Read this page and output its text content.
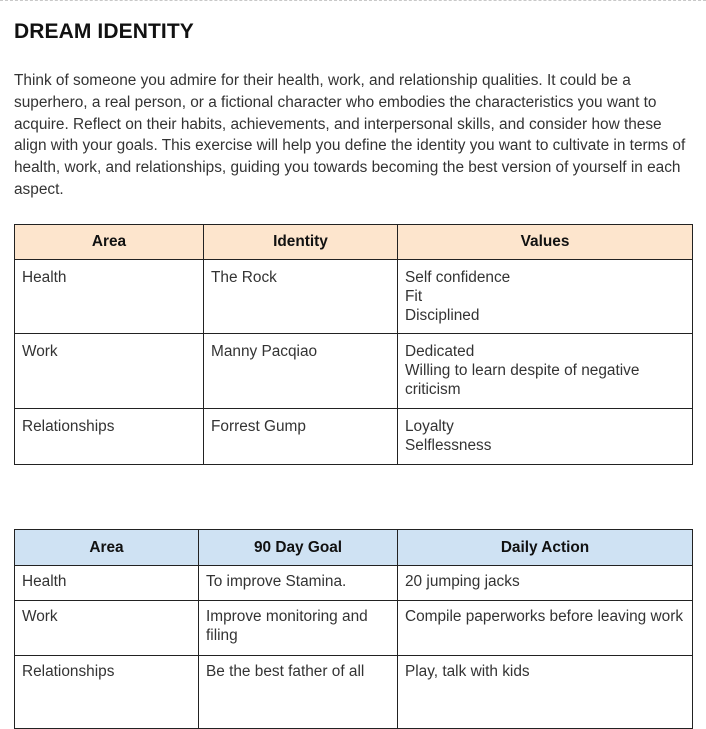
DREAM IDENTITY

Think of someone you admire for their health, work, and relationship qualities. It could be a superhero, a real person, or a fictional character who embodies the characteristics you want to acquire. Reflect on their habits, achievements, and interpersonal skills, and consider how these align with your goals. This exercise will help you define the identity you want to cultivate in terms of health, work, and relationships, guiding you towards becoming the best version of yourself in each aspect.

Area	Identity	Values
Health	The Rock	Self confidence
Fit
Disciplined

Work	Manny Pacqiao	Dedicated
Willing to learn despite of negative criticism

Relationships	Forrest Gump	Loyalty
Selflessness
Area	90 Day Goal	Daily Action
Health	To improve Stamina.	20 jumping jacks
Work	Improve monitoring and filing	Compile paperworks before leaving work
Relationships	Be the best father of all	Play, talk with kids
